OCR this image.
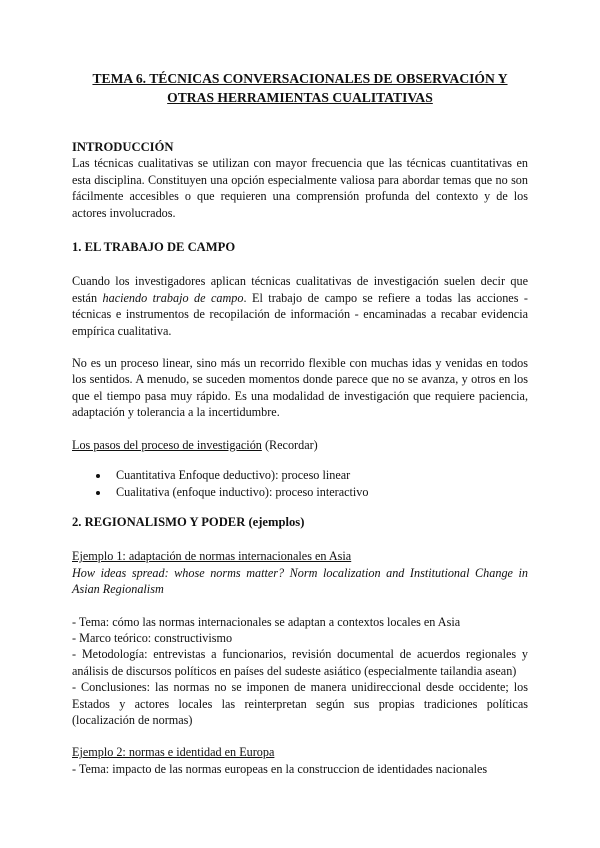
TEMA 6. TÉCNICAS CONVERSACIONALES DE OBSERVACIÓN Y
OTRAS HERRAMIENTAS CUALITATIVAS
INTRODUCCIÓN

Las técnicas cualitativas se utilizan con mayor frecuencia que las técnicas cuantitativas en esta disciplina. Constituyen una opción especialmente valiosa para abordar temas que no son fácilmente accesibles o que requieren una comprensión profunda del contexto y de los actores involucrados.

1. EL TRABAJO DE CAMPO

Cuando los investigadores aplican técnicas cualitativas de investigación suelen decir que están haciendo trabajo de campo. El trabajo de campo se refiere a todas las acciones - técnicas e instrumentos de recopilación de información - encaminadas a recabar evidencia empírica cualitativa.

No es un proceso linear, sino más un recorrido flexible con muchas idas y venidas en todos los sentidos. A menudo, se suceden momentos donde parece que no se avanza, y otros en los que el tiempo pasa muy rápido. Es una modalidad de investigación que requiere paciencia, adaptación y tolerancia a la incertidumbre.

Los pasos del proceso de investigación (Recordar)

• Cuantitativa Enfoque deductivo): proceso linear
• Cualitativa (enfoque inductivo): proceso interactivo
2. REGIONALISMO Y PODER (ejemplos)

Ejemplo 1: adaptación de normas internacionales en Asia

How ideas spread: whose norms matter? Norm localization and Institutional Change in Asian Regionalism

- Tema: cómo las normas internacionales se adaptan a contextos locales en Asia

- Marco teórico: constructivismo

- Metodología: entrevistas a funcionarios, revisión documental de acuerdos regionales y análisis de discursos políticos en países del sudeste asiático (especialmente tailandia asean)

- Conclusiones: las normas no se imponen de manera unidireccional desde occidente; los Estados y actores locales las reinterpretan según sus propias tradiciones políticas (localización de normas)

Ejemplo 2: normas e identidad en Europa

- Tema: impacto de las normas europeas en la construccion de identidades nacionales
